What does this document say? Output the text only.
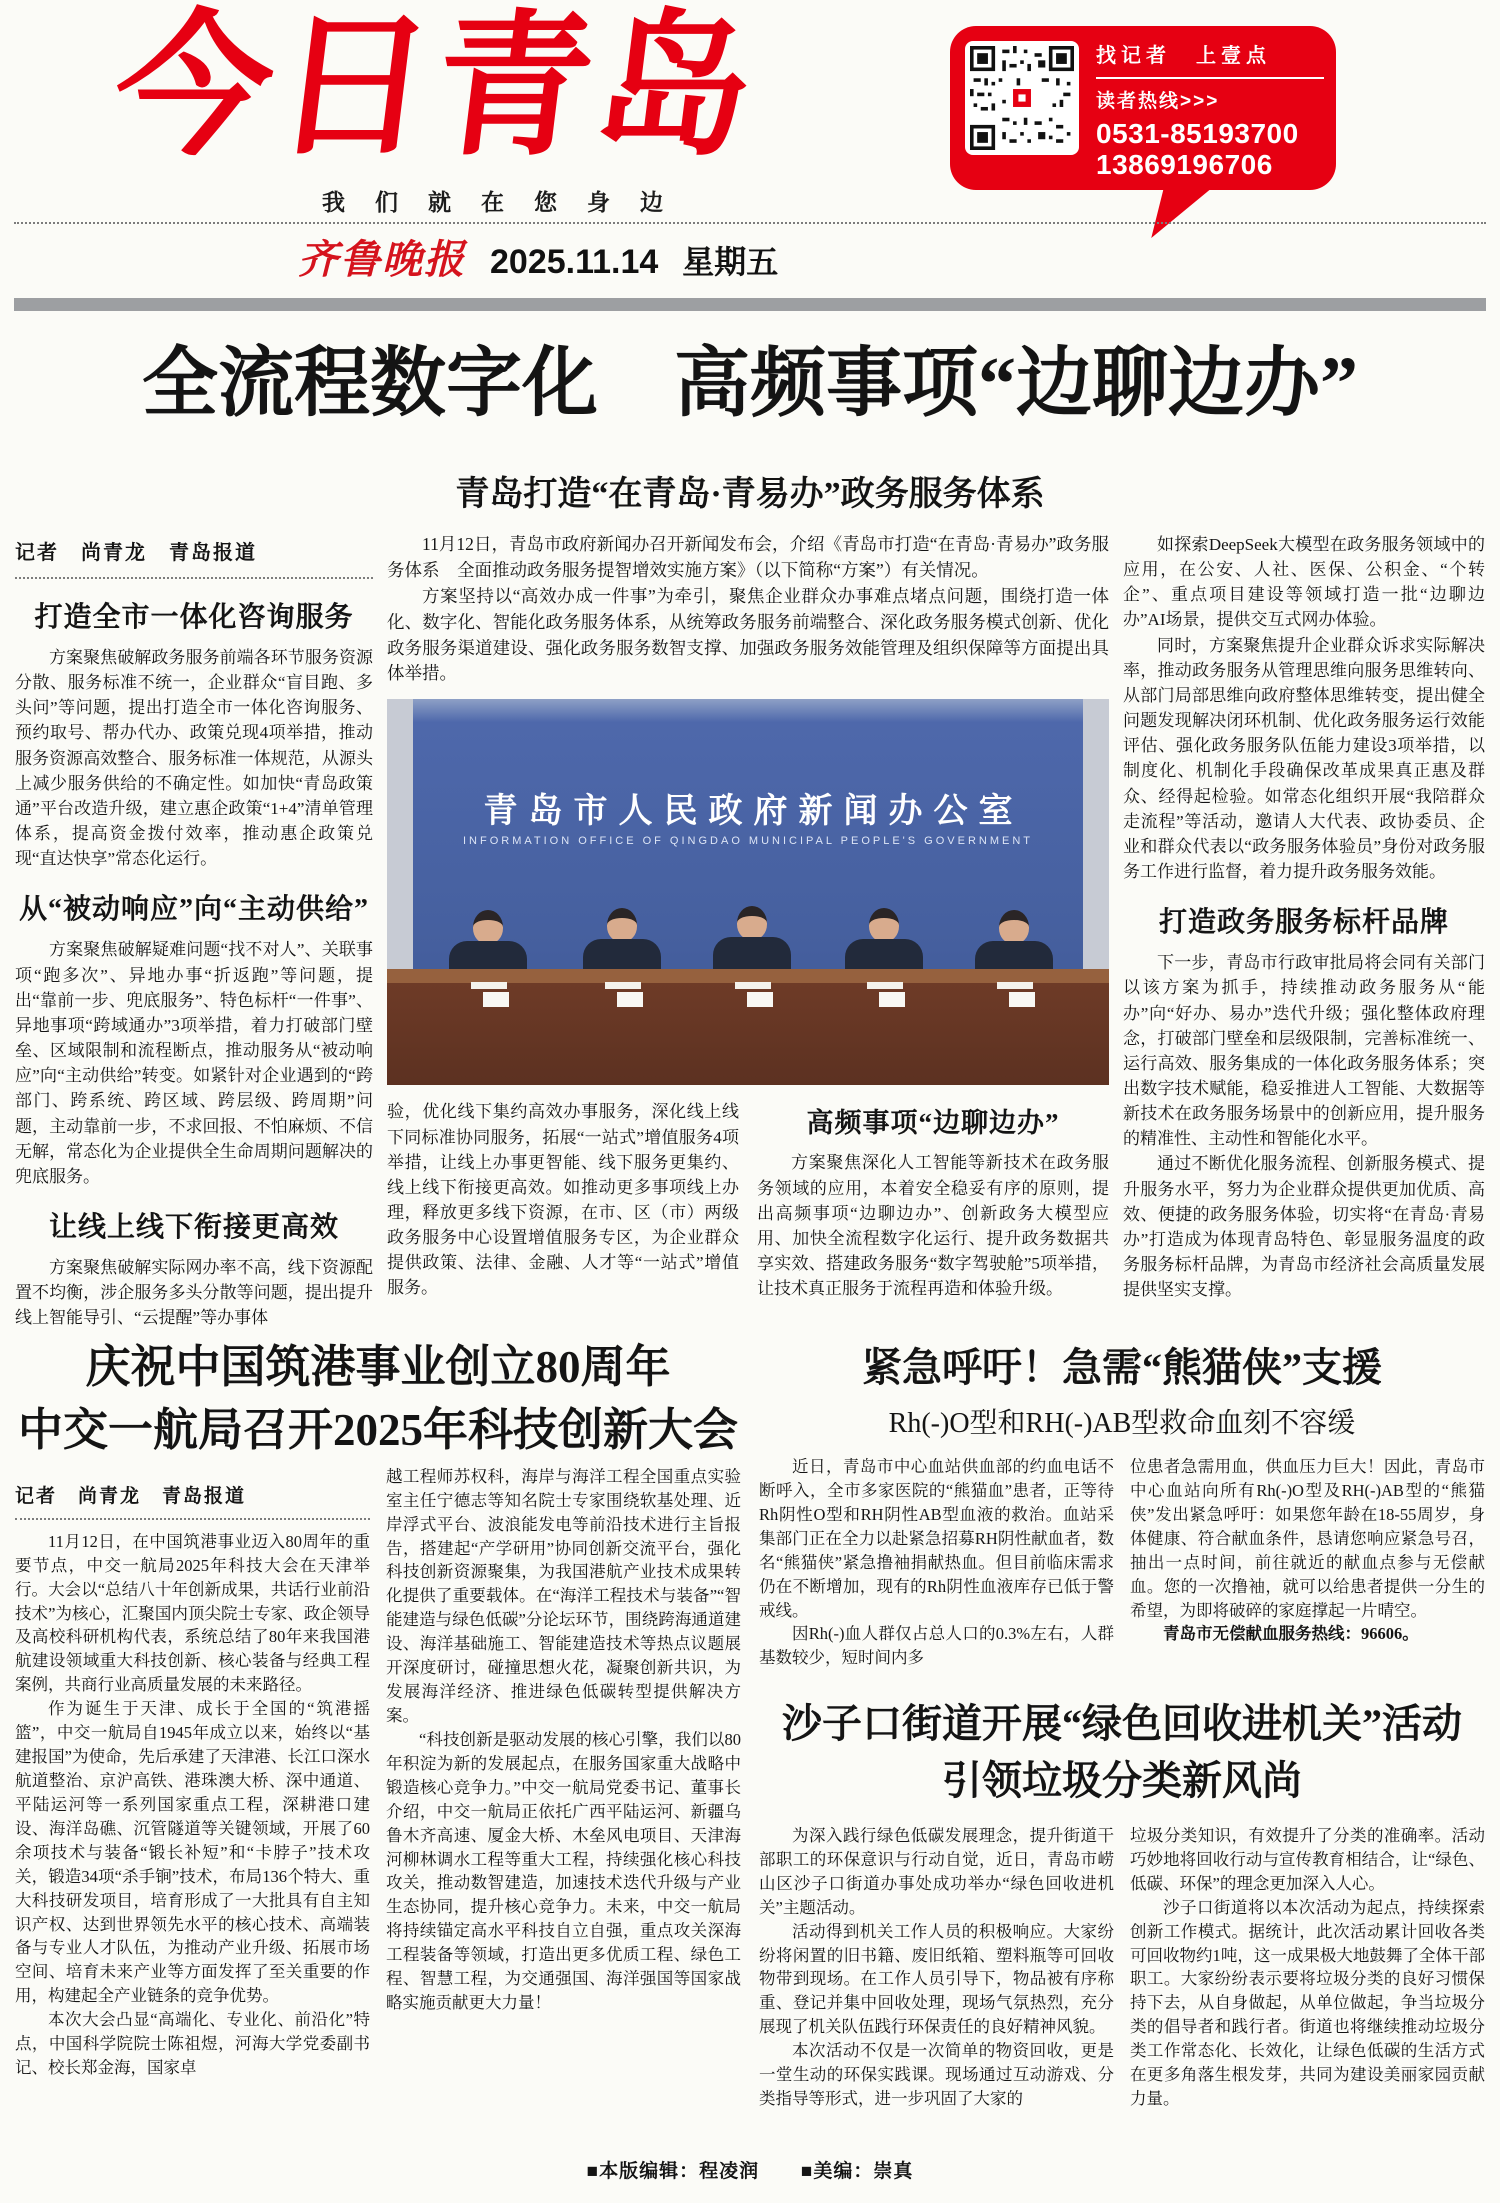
今日青岛
我们就在您身边
找记者　上壹点
读者热线>>>
0531-85193700
13869196706
齐鲁晚报 2025.11.14 星期五
全流程数字化　高频事项“边聊边办”
青岛打造“在青岛·青易办”政务服务体系
记者　尚青龙　青岛报道
打造全市一体化咨询服务

方案聚焦破解政务服务前端各环节服务资源分散、服务标准不统一，企业群众“盲目跑、多头问”等问题，提出打造全市一体化咨询服务、预约取号、帮办代办、政策兑现4项举措，推动服务资源高效整合、服务标准一体规范，从源头上减少服务供给的不确定性。如加快“青岛政策通”平台改造升级，建立惠企政策“1+4”清单管理体系，提高资金拨付效率，推动惠企政策兑现“直达快享”常态化运行。

从“被动响应”向“主动供给”

方案聚焦破解疑难问题“找不对人”、关联事项“跑多次”、异地办事“折返跑”等问题，提出“靠前一步、兜底服务”、特色标杆“一件事”、异地事项“跨域通办”3项举措，着力打破部门壁垒、区域限制和流程断点，推动服务从“被动响应”向“主动供给”转变。如紧针对企业遇到的“跨部门、跨系统、跨区域、跨层级、跨周期”问题，主动靠前一步，不求回报、不怕麻烦、不信无解，常态化为企业提供全生命周期问题解决的兜底服务。

让线上线下衔接更高效

方案聚焦破解实际网办率不高，线下资源配置不均衡，涉企服务多头分散等问题，提出提升线上智能导引、“云提醒”等办事体

11月12日，青岛市政府新闻办召开新闻发布会，介绍《青岛市打造“在青岛·青易办”政务服务体系　全面推动政务服务提智增效实施方案》（以下简称“方案”）有关情况。

方案坚持以“高效办成一件事”为牵引，聚焦企业群众办事难点堵点问题，围绕打造一体化、数字化、智能化政务服务体系，从统筹政务服务前端整合、深化政务服务模式创新、优化政务服务渠道建设、强化政务服务数智支撑、加强政务服务效能管理及组织保障等方面提出具体举措。

青岛市人民政府新闻办公室
INFORMATION OFFICE OF QINGDAO MUNICIPAL PEOPLE'S GOVERNMENT

验，优化线下集约高效办事服务，深化线上线下同标准协同服务，拓展“一站式”增值服务4项举措，让线上办事更智能、线下服务更集约、线上线下衔接更高效。如推动更多事项线上办理，释放更多线下资源，在市、区（市）两级政务服务中心设置增值服务专区，为企业群众提供政策、法律、金融、人才等“一站式”增值服务。

高频事项“边聊边办”

方案聚焦深化人工智能等新技术在政务服务领域的应用，本着安全稳妥有序的原则，提出高频事项“边聊边办”、创新政务大模型应用、加快全流程数字化运行、提升政务数据共享实效、搭建政务服务“数字驾驶舱”5项举措，让技术真正服务于流程再造和体验升级。

如探索DeepSeek大模型在政务服务领域中的应用，在公安、人社、医保、公积金、“个转企”、重点项目建设等领域打造一批“边聊边办”AI场景，提供交互式网办体验。

同时，方案聚焦提升企业群众诉求实际解决率，推动政务服务从管理思维向服务思维转向、从部门局部思维向政府整体思维转变，提出健全问题发现解决闭环机制、优化政务服务运行效能评估、强化政务服务队伍能力建设3项举措，以制度化、机制化手段确保改革成果真正惠及群众、经得起检验。如常态化组织开展“我陪群众走流程”等活动，邀请人大代表、政协委员、企业和群众代表以“政务服务体验员”身份对政务服务工作进行监督，着力提升政务服务效能。

打造政务服务标杆品牌

下一步，青岛市行政审批局将会同有关部门以该方案为抓手，持续推动政务服务从“能办”向“好办、易办”迭代升级；强化整体政府理念，打破部门壁垒和层级限制，完善标准统一、运行高效、服务集成的一体化政务服务体系；突出数字技术赋能，稳妥推进人工智能、大数据等新技术在政务服务场景中的创新应用，提升服务的精准性、主动性和智能化水平。

通过不断优化服务流程、创新服务模式、提升服务水平，努力为企业群众提供更加优质、高效、便捷的政务服务体验，切实将“在青岛·青易办”打造成为体现青岛特色、彰显服务温度的政务服务标杆品牌，为青岛市经济社会高质量发展提供坚实支撑。

庆祝中国筑港事业创立80周年
中交一航局召开2025年科技创新大会
记者　尚青龙　青岛报道

11月12日，在中国筑港事业迈入80周年的重要节点，中交一航局2025年科技大会在天津举行。大会以“总结八十年创新成果，共话行业前沿技术”为核心，汇聚国内顶尖院士专家、政企领导及高校科研机构代表，系统总结了80年来我国港航建设领域重大科技创新、核心装备与经典工程案例，共商行业高质量发展的未来路径。

作为诞生于天津、成长于全国的“筑港摇篮”，中交一航局自1945年成立以来，始终以“基建报国”为使命，先后承建了天津港、长江口深水航道整治、京沪高铁、港珠澳大桥、深中通道、平陆运河等一系列国家重点工程，深耕港口建设、海洋岛礁、沉管隧道等关键领域，开展了60余项技术与装备“锻长补短”和“卡脖子”技术攻关，锻造34项“杀手锏”技术，布局136个特大、重大科技研发项目，培育形成了一大批具有自主知识产权、达到世界领先水平的核心技术、高端装备与专业人才队伍，为推动产业升级、拓展市场空间、培育未来产业等方面发挥了至关重要的作用，构建起全产业链条的竞争优势。

本次大会凸显“高端化、专业化、前沿化”特点，中国科学院院士陈祖煜，河海大学党委副书记、校长郑金海，国家卓

越工程师苏权科，海岸与海洋工程全国重点实验室主任宁德志等知名院士专家围绕软基处理、近岸浮式平台、波浪能发电等前沿技术进行主旨报告，搭建起“产学研用”协同创新交流平台，强化科技创新资源聚集，为我国港航产业技术成果转化提供了重要载体。在“海洋工程技术与装备”“智能建造与绿色低碳”分论坛环节，围绕跨海通道建设、海洋基础施工、智能建造技术等热点议题展开深度研讨，碰撞思想火花，凝聚创新共识，为发展海洋经济、推进绿色低碳转型提供解决方案。

“科技创新是驱动发展的核心引擎，我们以80年积淀为新的发展起点，在服务国家重大战略中锻造核心竞争力。”中交一航局党委书记、董事长介绍，中交一航局正依托广西平陆运河、新疆乌鲁木齐高速、厦金大桥、木垒风电项目、天津海河柳林调水工程等重大工程，持续强化核心科技攻关，推动数智建造，加速技术迭代升级与产业生态协同，提升核心竞争力。未来，中交一航局将持续锚定高水平科技自立自强，重点攻关深海工程装备等领域，打造出更多优质工程、绿色工程、智慧工程，为交通强国、海洋强国等国家战略实施贡献更大力量！

紧急呼吁！急需“熊猫侠”支援
Rh(-)O型和RH(-)AB型救命血刻不容缓

近日，青岛市中心血站供血部的约血电话不断呼入，全市多家医院的“熊猫血”患者，正等待Rh阴性O型和RH阴性AB型血液的救治。血站采集部门正在全力以赴紧急招募RH阴性献血者，数名“熊猫侠”紧急撸袖捐献热血。但目前临床需求仍在不断增加，现有的Rh阴性血液库存已低于警戒线。

因Rh(-)血人群仅占总人口的0.3%左右，人群基数较少，短时间内多

位患者急需用血，供血压力巨大！因此，青岛市中心血站向所有Rh(-)O型及RH(-)AB型的“熊猫侠”发出紧急呼吁：如果您年龄在18-55周岁，身体健康、符合献血条件，恳请您响应紧急号召，抽出一点时间，前往就近的献血点参与无偿献血。您的一次撸袖，就可以给患者提供一分生的希望，为即将破碎的家庭撑起一片晴空。

青岛市无偿献血服务热线：96606。

沙子口街道开展“绿色回收进机关”活动
引领垃圾分类新风尚

为深入践行绿色低碳发展理念，提升街道干部职工的环保意识与行动自觉，近日，青岛市崂山区沙子口街道办事处成功举办“绿色回收进机关”主题活动。

活动得到机关工作人员的积极响应。大家纷纷将闲置的旧书籍、废旧纸箱、塑料瓶等可回收物带到现场。在工作人员引导下，物品被有序称重、登记并集中回收处理，现场气氛热烈，充分展现了机关队伍践行环保责任的良好精神风貌。

本次活动不仅是一次简单的物资回收，更是一堂生动的环保实践课。现场通过互动游戏、分类指导等形式，进一步巩固了大家的

垃圾分类知识，有效提升了分类的准确率。活动巧妙地将回收行动与宣传教育相结合，让“绿色、低碳、环保”的理念更加深入人心。

沙子口街道将以本次活动为起点，持续探索创新工作模式。据统计，此次活动累计回收各类可回收物约1吨，这一成果极大地鼓舞了全体干部职工。大家纷纷表示要将垃圾分类的良好习惯保持下去，从自身做起，从单位做起，争当垃圾分类的倡导者和践行者。街道也将继续推动垃圾分类工作常态化、长效化，让绿色低碳的生活方式在更多角落生根发芽，共同为建设美丽家园贡献力量。

■本版编辑：程凌润 ■美编：崇真
